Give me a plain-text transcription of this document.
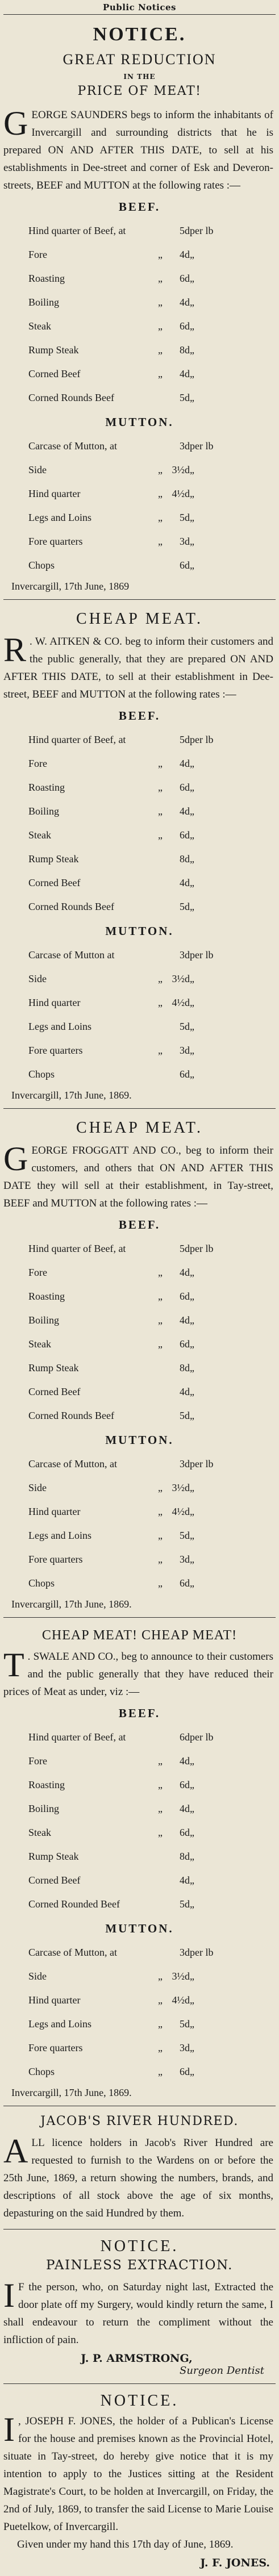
Public Notices
NOTICE.
GREAT REDUCTION
IN THE
PRICE OF MEAT!
GEORGE SAUNDERS begs to inform the inhabitants of Invercargill and surrounding districts that he is prepared ON AND AFTER THIS DATE, to sell at his establishments in Dee-street and corner of Esk and Deveron-streets, BEEF and MUTTON at the following rates :—
BEEF.
Hind quarter of Beef, at		5d	per lb
Fore	„	4d	„
Roasting	„	6d	„
Boiling	„	4d	„
Steak	„	6d	„
Rump Steak	„	8d	„
Corned Beef	„	4d	„
Corned Rounds Beef		5d	„
MUTTON.
Carcase of Mutton, at		3d	per lb
Side	„	3½d	„
Hind quarter	„	4½d	„
Legs and Loins	„	5d	„
Fore quarters	„	3d	„
Chops		6d	„
Invercargill, 17th June, 1869
CHEAP MEAT.
R . W. AITKEN & CO. beg to inform their customers and the public generally, that they are prepared ON AND AFTER THIS DATE, to sell at their establishment in Dee-street, BEEF and MUTTON at the following rates :—
BEEF.
Hind quarter of Beef, at		5d	per lb
Fore	„	4d	„
Roasting	„	6d	„
Boiling	„	4d	„
Steak	„	6d	„
Rump Steak		8d	„
Corned Beef		4d	„
Corned Rounds Beef		5d	„
MUTTON.
Carcase of Mutton at		3d	per lb
Side	„	3½d	„
Hind quarter	„	4½d	„
Legs and Loins		5d	„
Fore quarters	„	3d	„
Chops		6d	„
Invercargill, 17th June, 1869.
CHEAP MEAT.
GEORGE FROGGATT AND CO., beg to inform their customers, and others that ON AND AFTER THIS DATE they will sell at their establishment, in Tay-street, BEEF and MUTTON at the following rates :—
BEEF.
Hind quarter of Beef, at		5d	per lb
Fore	„	4d	„
Roasting	„	6d	„
Boiling	„	4d	„
Steak	„	6d	„
Rump Steak		8d	„
Corned Beef		4d	„
Corned Rounds Beef		5d	„
MUTTON.
Carcase of Mutton, at		3d	per lb
Side	„	3½d	„
Hind quarter	„	4½d	„
Legs and Loins	„	5d	„
Fore quarters	„	3d	„
Chops	„	6d	„
Invercargill, 17th June, 1869.
CHEAP MEAT! CHEAP MEAT!
T . SWALE AND CO., beg to announce to their customers and the public generally that they have reduced their prices of Meat as under, viz :—
BEEF.
Hind quarter of Beef, at		6d	per lb
Fore	„	4d	„
Roasting	„	6d	„
Boiling	„	4d	„
Steak	„	6d	„
Rump Steak		8d	„
Corned Beef		4d	„
Corned Rounded Beef		5d	„
MUTTON.
Carcase of Mutton, at		3d	per lb
Side	„	3½d	„
Hind quarter	„	4½d	„
Legs and Loins	„	5d	„
Fore quarters	„	3d	„
Chops	„	6d	„
Invercargill, 17th June, 1869.
JACOB'S RIVER HUNDRED.
ALL licence holders in Jacob's River Hundred are requested to furnish to the Wardens on or before the 25th June, 1869, a return showing the numbers, brands, and descriptions of all stock above the age of six months, depasturing on the said Hundred by them.
NOTICE.
PAINLESS EXTRACTION.
I F the person, who, on Saturday night last, Extracted the door plate off my Surgery, would kindly return the same, I shall endeavour to return the compliment without the infliction of pain.
J. P. ARMSTRONG,
Surgeon Dentist
NOTICE.
I , JOSEPH F. JONES, the holder of a Publican's License for the house and premises known as the Provincial Hotel, situate in Tay-street, do hereby give notice that it is my intention to apply to the Justices sitting at the Resident Magistrate's Court, to be holden at Invercargill, on Friday, the 2nd of July, 1869, to transfer the said License to Marie Louise Puetelkow, of Invercargill.
Given under my hand this 17th day of June, 1869.
J. F. JONES.
